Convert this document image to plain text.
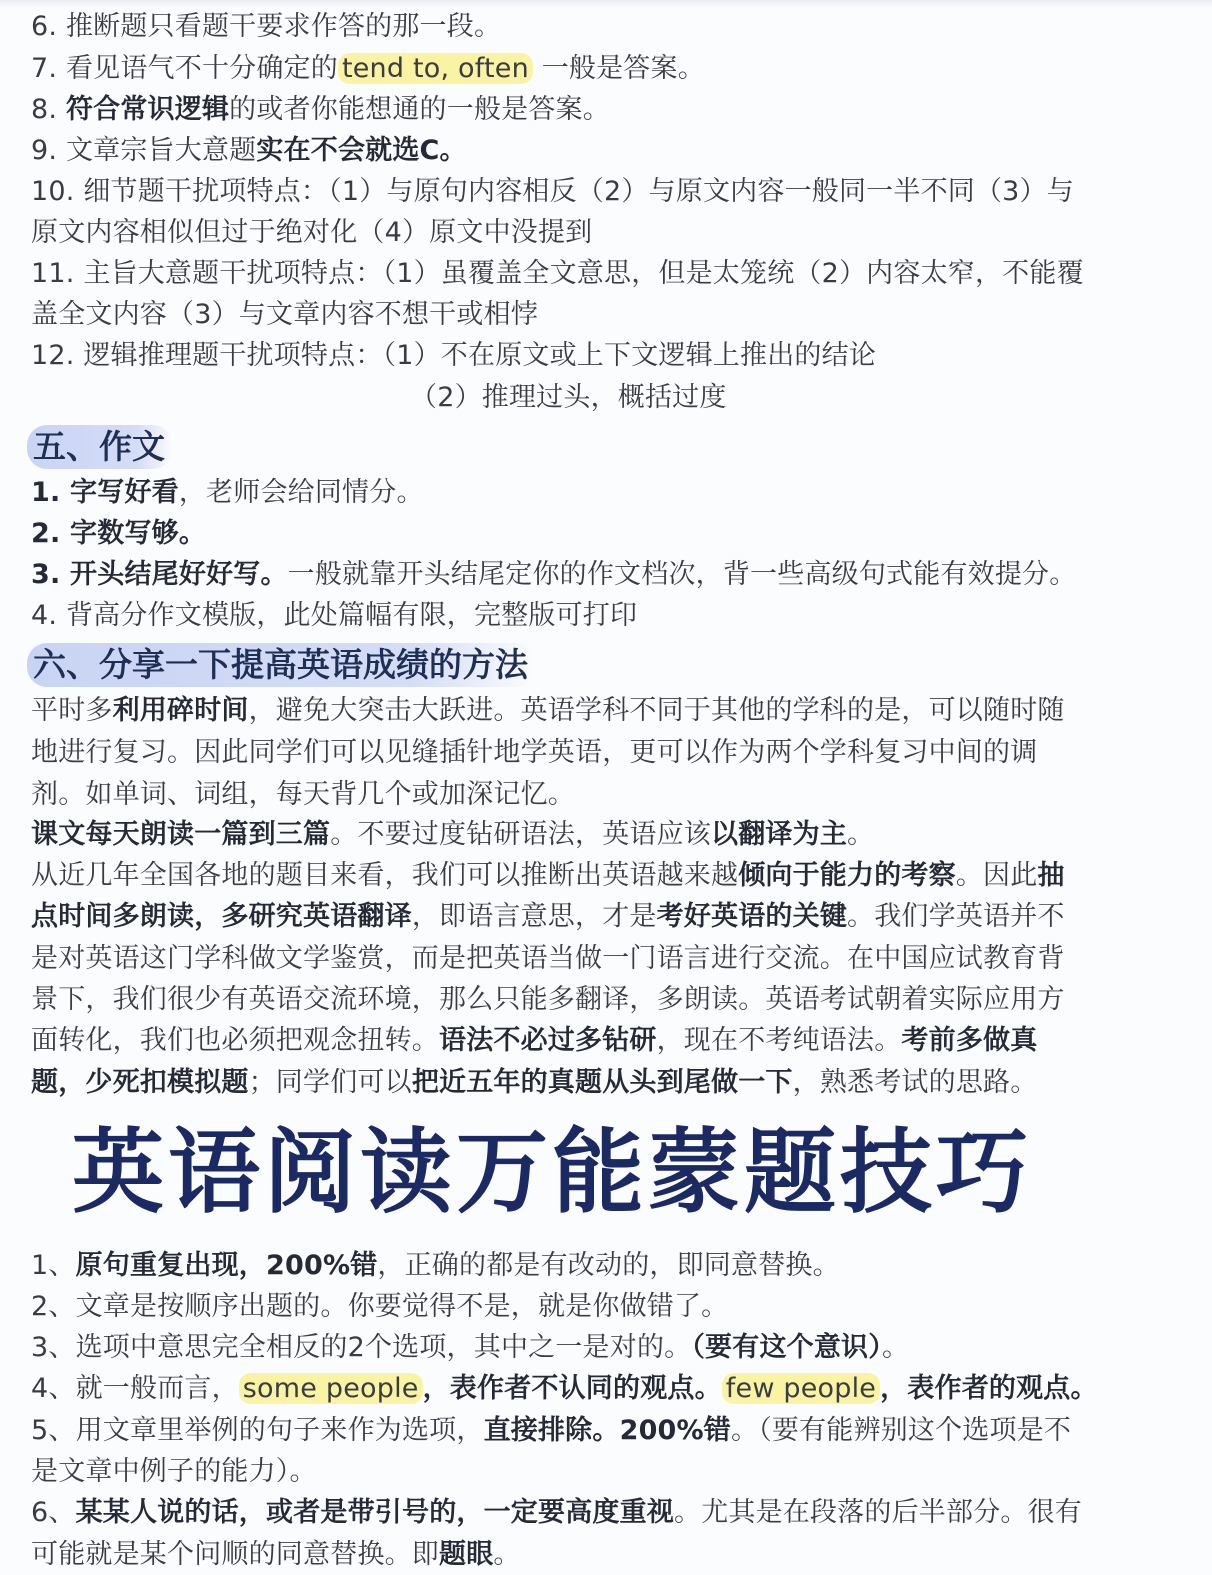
6. 推断题只看题干要求作答的那一段。
7. 看见语气不十分确定的 tend to, often 一般是答案。
8. 符合常识逻辑的或者你能想通的一般是答案。
9. 文章宗旨大意题实在不会就选C。
10. 细节题干扰项特点：（1）与原句内容相反（2）与原文内容一般同一半不同（3）与
原文内容相似但过于绝对化（4）原文中没提到
11. 主旨大意题干扰项特点：（1）虽覆盖全文意思，但是太笼统（2）内容太窄，不能覆
盖全文内容（3）与文章内容不想干或相悖
12. 逻辑推理题干扰项特点：（1）不在原文或上下文逻辑上推出的结论
（2）推理过头，概括过度
五、作文
1. 字写好看，老师会给同情分。
2. 字数写够。
3. 开头结尾好好写。一般就靠开头结尾定你的作文档次，背一些高级句式能有效提分。
4. 背高分作文模版，此处篇幅有限，完整版可打印
六、分享一下提高英语成绩的方法
平时多利用碎时间，避免大突击大跃进。英语学科不同于其他的学科的是，可以随时随
地进行复习。因此同学们可以见缝插针地学英语，更可以作为两个学科复习中间的调
剂。如单词、词组，每天背几个或加深记忆。
课文每天朗读一篇到三篇。不要过度钻研语法，英语应该以翻译为主。
从近几年全国各地的题目来看，我们可以推断出英语越来越倾向于能力的考察。因此抽
点时间多朗读，多研究英语翻译，即语言意思，才是考好英语的关键。我们学英语并不
是对英语这门学科做文学鉴赏，而是把英语当做一门语言进行交流。在中国应试教育背
景下，我们很少有英语交流环境，那么只能多翻译，多朗读。英语考试朝着实际应用方
面转化，我们也必须把观念扭转。语法不必过多钻研，现在不考纯语法。考前多做真
题，少死扣模拟题；同学们可以把近五年的真题从头到尾做一下，熟悉考试的思路。
英语阅读万能蒙题技巧
1、原句重复出现，200%错，正确的都是有改动的，即同意替换。
2、文章是按顺序出题的。你要觉得不是，就是你做错了。
3、选项中意思完全相反的2个选项，其中之一是对的。（要有这个意识）。
4、就一般而言， some people ，表作者不认同的观点。 few people ，表作者的观点。
5、用文章里举例的句子来作为选项，直接排除。200%错。（要有能辨别这个选项是不
是文章中例子的能力）。
6、某某人说的话，或者是带引号的，一定要高度重视。尤其是在段落的后半部分。很有
可能就是某个问顺的同意替换。即题眼。
